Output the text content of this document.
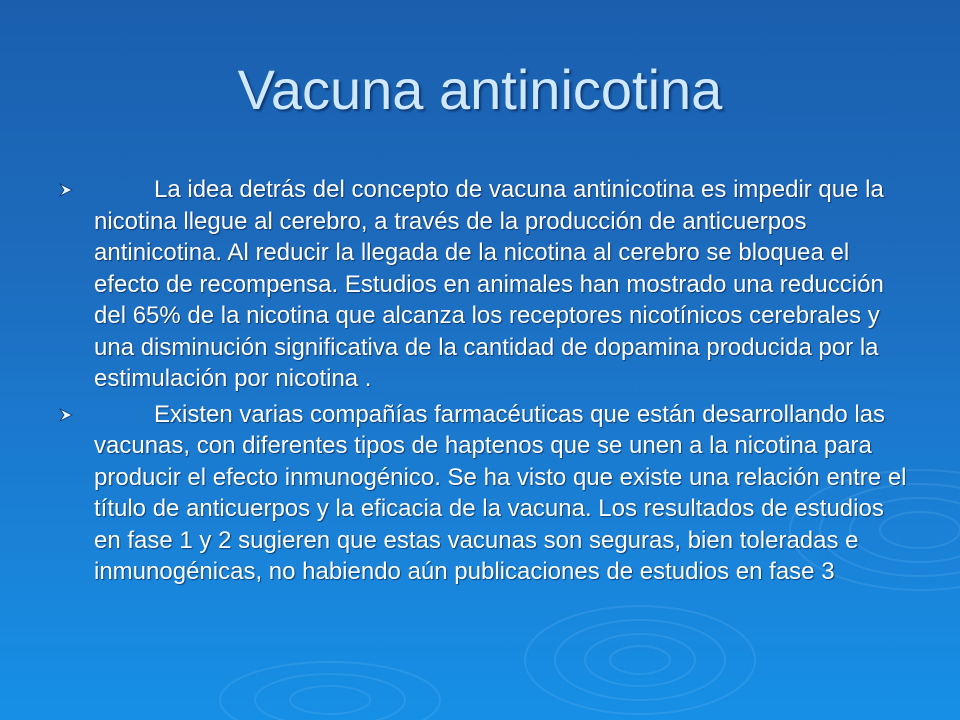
Vacuna antinicotina
La idea detrás del concepto de vacuna antinicotina es impedir que la nicotina llegue al cerebro, a través de la producción de anticuerpos antinicotina. Al reducir la llegada de la nicotina al cerebro se bloquea el efecto de recompensa. Estudios en animales han mostrado una reducción del 65% de la nicotina que alcanza los receptores nicotínicos cerebrales y una disminución significativa de la cantidad de dopamina producida por la estimulación por nicotina .
Existen varias compañías farmacéuticas que están desarrollando las vacunas, con diferentes tipos de haptenos que se unen a la nicotina para producir el efecto inmunogénico. Se ha visto que existe una relación entre el título de anticuerpos y la eficacia de la vacuna. Los resultados de estudios en fase 1 y 2 sugieren que estas vacunas son seguras, bien toleradas e inmunogénicas, no habiendo aún publicaciones de estudios en fase 3
